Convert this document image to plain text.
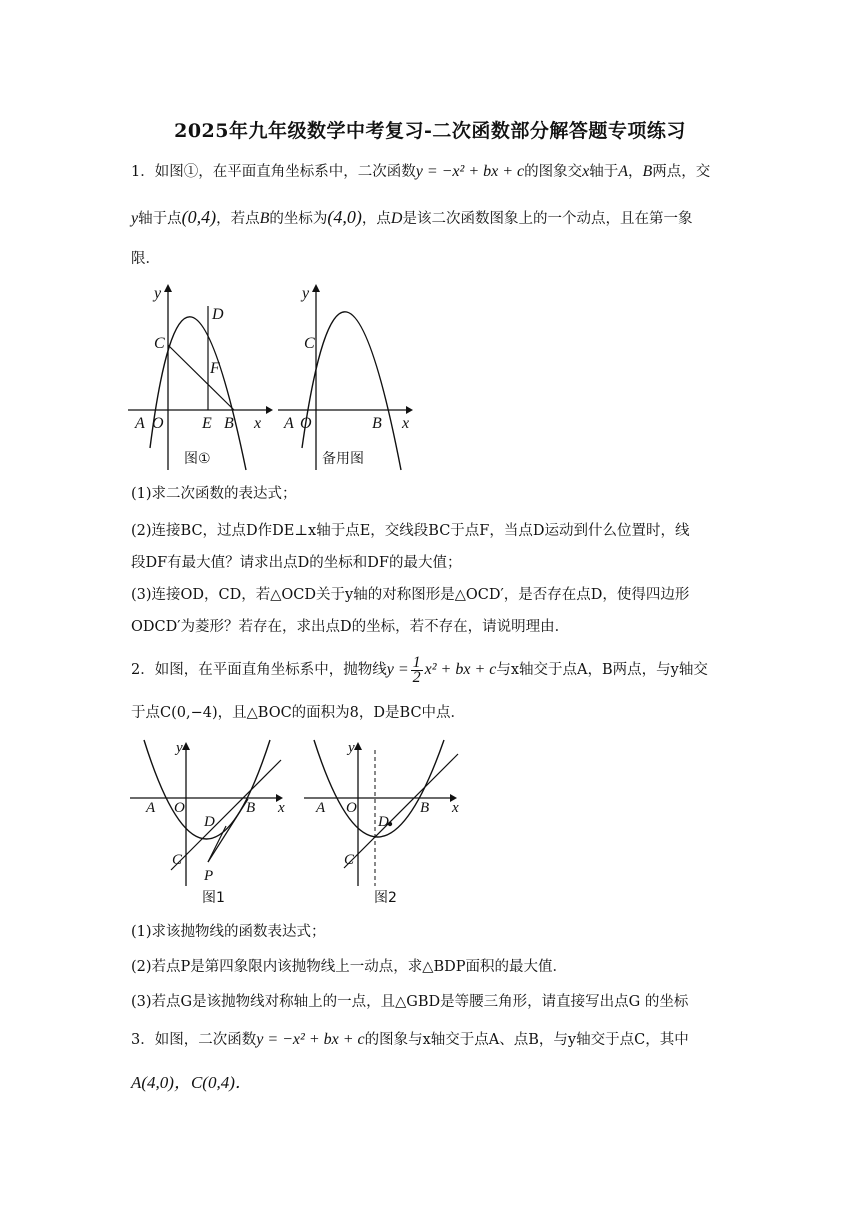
2025年九年级数学中考复习-二次函数部分解答题专项练习
1．如图①，在平面直角坐标系中，二次函数y = −x² + bx + c的图象交x轴于A，B两点，交
y轴于点(0,4)，若点B的坐标为(4,0)，点D是该二次函数图象上的一个动点，且在第一象
限．
y
D
C
F
A O E B x
图①
y
C
A O	B x
备用图
(1)求二次函数的表达式；
(2)连接BC，过点D作DE⊥x轴于点E，交线段BC于点F，当点D运动到什么位置时，线
段DF有最大值？请求出点D的坐标和DF的最大值；
(3)连接OD，CD，若△OCD关于y轴的对称图形是△OCD′，是否存在点D，使得四边形
ODCD′为菱形？若存在，求出点D的坐标，若不存在，请说明理由．
2．如图，在平面直角坐标系中，抛物线$y = \frac{1}{2} x^2$ + bx + c与x轴交于点A，B两点，与y轴交
于点C(0,−4)，且△BOC的面积为8，D是BC中点．
y
A O	B x
D
C
P
图1
y
A O	B x
D
C
图2
(1)求该抛物线的函数表达式；
(2)若点P是第四象限内该抛物线上一动点，求△BDP面积的最大值．
(3)若点G是该抛物线对称轴上的一点，且△GBD是等腰三角形，请直接写出点G 的坐标
3．如图，二次函数y = −x² + bx + c的图象与x轴交于点A、点B，与y轴交于点C，其中
A(4,0)，C(0,4)．
